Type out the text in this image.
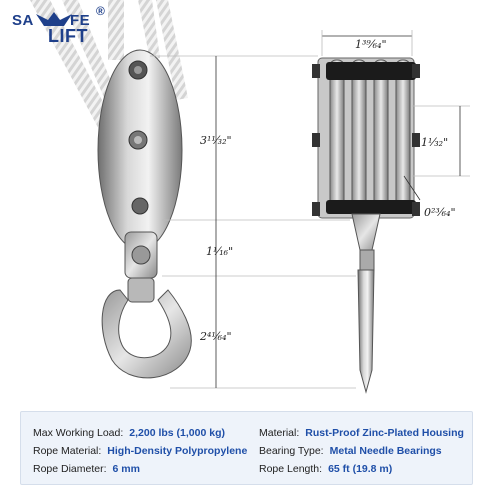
SA FE
LIFT
®
1³⁹⁄₆₄"
3¹¹⁄₃₂"	1¹⁄₃₂"
0²³⁄₆₄"
1¹⁄₁₆"
2⁴¹⁄₆₄"
Max Working Load: 2,200 lbs (1,000 kg)
Rope Material: High-Density Polypropylene
Rope Diameter: 6 mm
Material: Rust-Proof Zinc-Plated Housing
Bearing Type: Metal Needle Bearings
Rope Length: 65 ft (19.8 m)
